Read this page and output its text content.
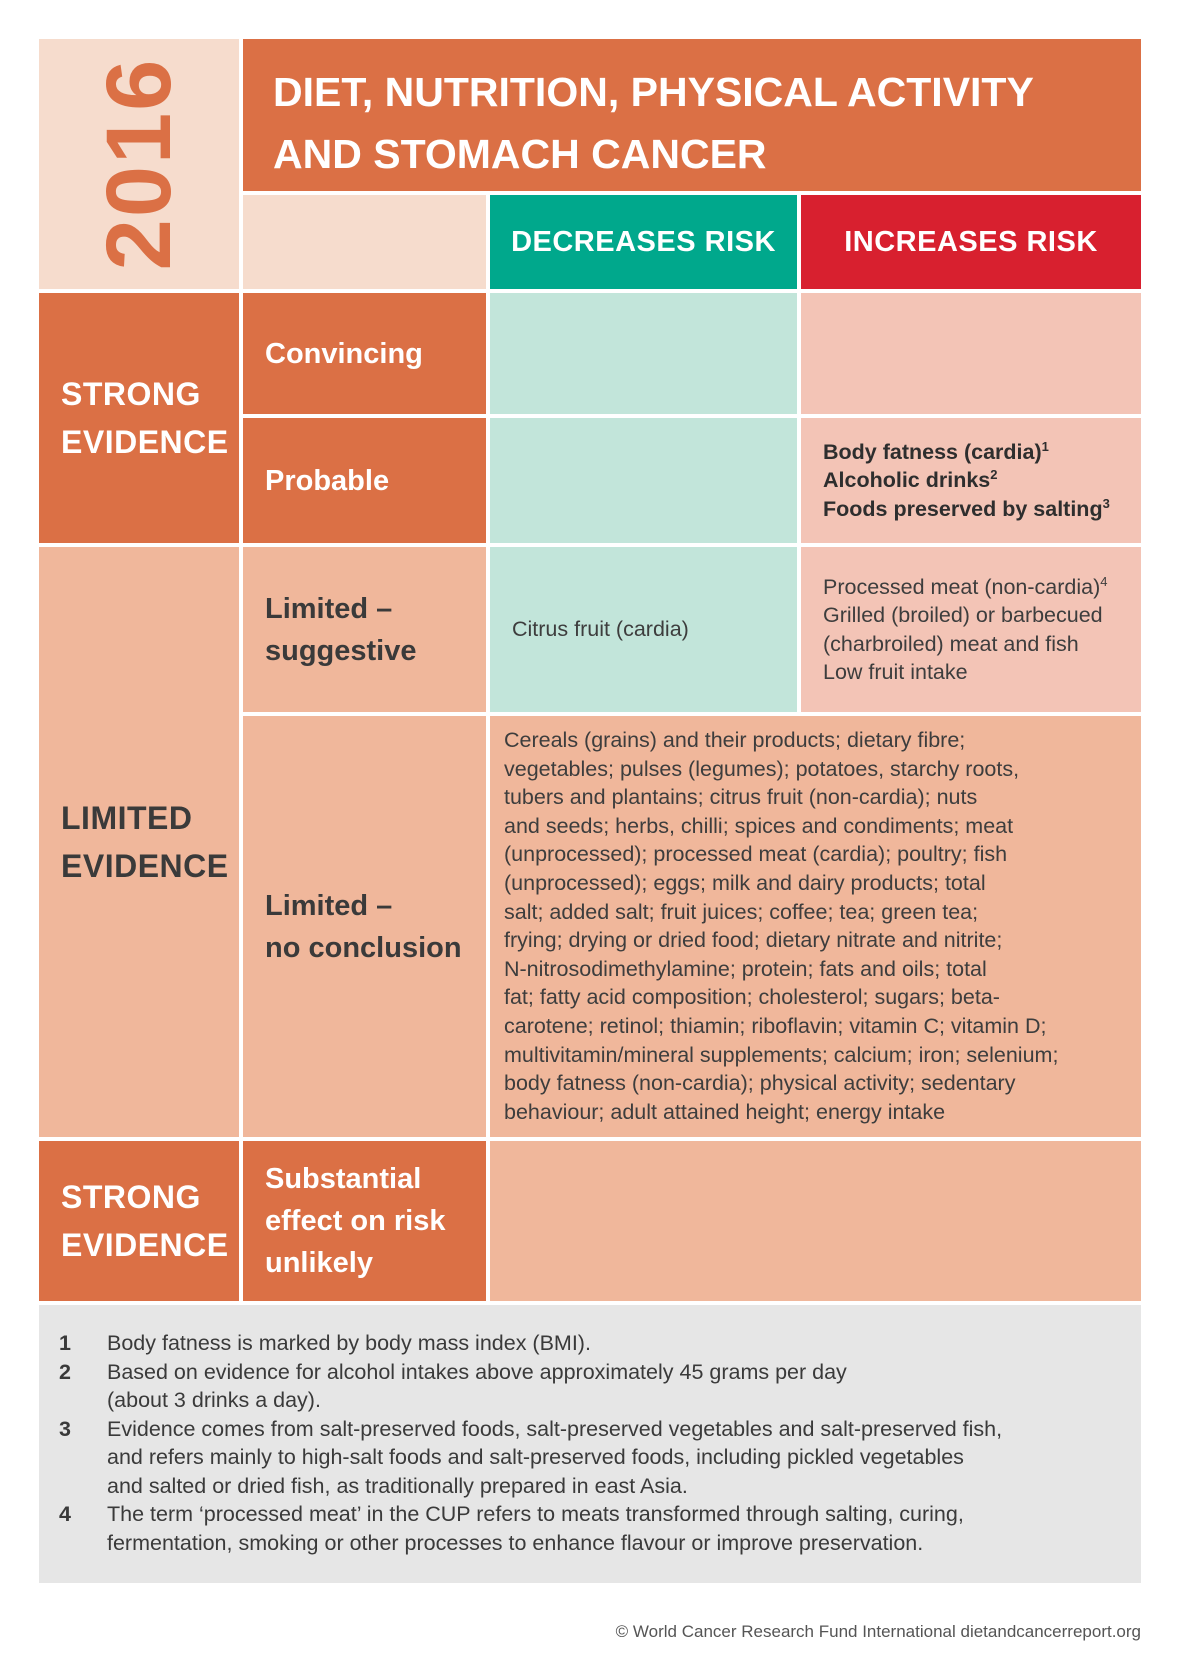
2016 DIET, NUTRITION, PHYSICAL ACTIVITY
AND STOMACH CANCER
DECREASES RISK	INCREASES RISK
STRONG
EVIDENCE
Convincing
Probable
Body fatness (cardia)$^1$
Alcoholic drinks$^2$
Foods preserved by salting$^3$
LIMITED
EVIDENCE
Limited –
suggestive
Citrus fruit (cardia)
Processed meat (non-cardia)$^4$
Grilled (broiled) or barbecued
(charbroiled) meat and fish
Low fruit intake
Limited –
no conclusion
Cereals (grains) and their products; dietary fibre;
vegetables; pulses (legumes); potatoes, starchy roots,
tubers and plantains; citrus fruit (non-cardia); nuts
and seeds; herbs, chilli; spices and condiments; meat
(unprocessed); processed meat (cardia); poultry; fish
(unprocessed); eggs; milk and dairy products; total
salt; added salt; fruit juices; coffee; tea; green tea;
frying; drying or dried food; dietary nitrate and nitrite;
N-nitrosodimethylamine; protein; fats and oils; total
fat; fatty acid composition; cholesterol; sugars; beta-
carotene; retinol; thiamin; riboflavin; vitamin C; vitamin D;
multivitamin/mineral supplements; calcium; iron; selenium;
body fatness (non-cardia); physical activity; sedentary
behaviour; adult attained height; energy intake
STRONG
EVIDENCE
Substantial
effect on risk
unlikely
1 Body fatness is marked by body mass index (BMI).
2 Based on evidence for alcohol intakes above approximately 45 grams per day
(about 3 drinks a day).
3 Evidence comes from salt-preserved foods, salt-preserved vegetables and salt-preserved fish,
and refers mainly to high-salt foods and salt-preserved foods, including pickled vegetables
and salted or dried fish, as traditionally prepared in east Asia.
4 The term ‘processed meat’ in the CUP refers to meats transformed through salting, curing,
fermentation, smoking or other processes to enhance flavour or improve preservation.
© World Cancer Research Fund International dietandcancerreport.org
